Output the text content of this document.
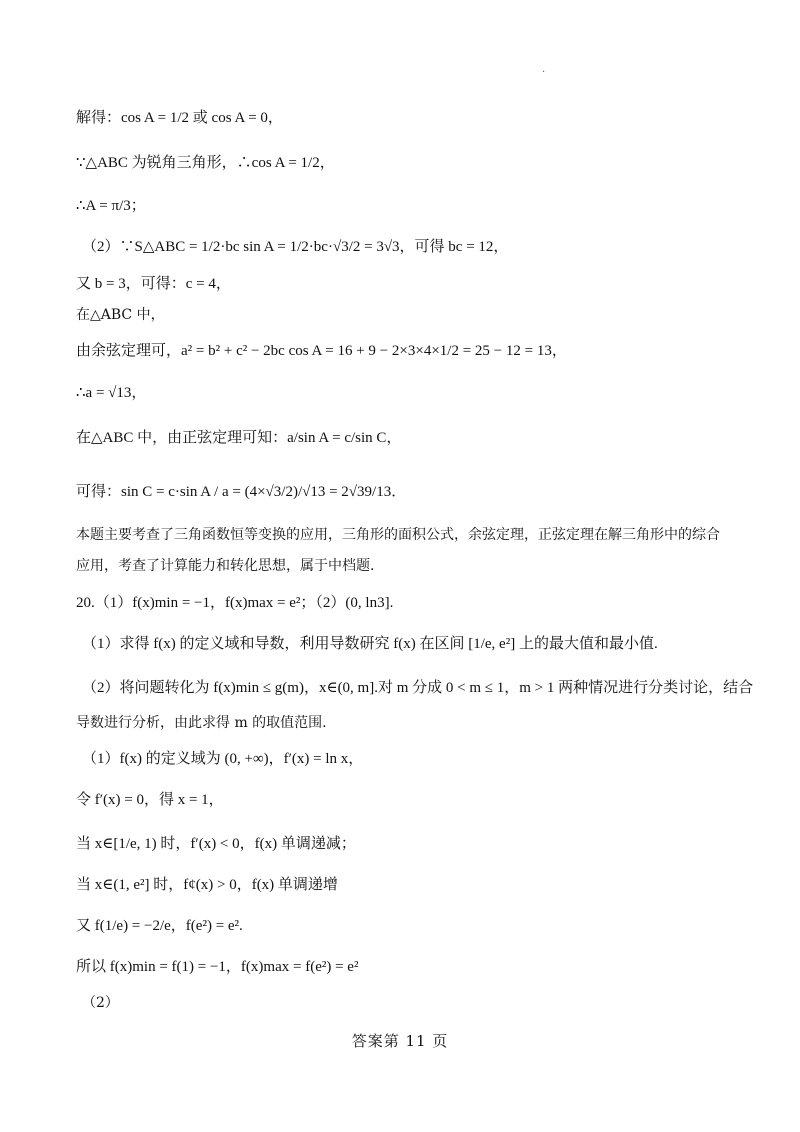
.
解得：cos A = 1/2 或 cos A = 0，
∵△ABC 为锐角三角形，∴cos A = 1/2，
∴A = π/3；
（2）∵S△ABC = 1/2·bc sin A = 1/2·bc·√3/2 = 3√3，可得 bc = 12，
又 b = 3，可得：c = 4，
在△ABC 中，
由余弦定理可，a² = b² + c² − 2bc cos A = 16 + 9 − 2×3×4×1/2 = 25 − 12 = 13，
∴a = √13，
在△ABC 中，由正弦定理可知：a/sin A = c/sin C，
可得：sin C = c·sin A / a = (4×√3/2)/√13 = 2√39/13．
本题主要考查了三角函数恒等变换的应用，三角形的面积公式，余弦定理，正弦定理在解三角形中的综合
应用，考查了计算能力和转化思想，属于中档题.
20.（1）f(x)min = −1，f(x)max = e²；（2）(0, ln3].
（1）求得 f(x) 的定义域和导数，利用导数研究 f(x) 在区间 [1/e, e²] 上的最大值和最小值.
（2）将问题转化为 f(x)min ≤ g(m)，x∈(0, m].对 m 分成 0 < m ≤ 1，m > 1 两种情况进行分类讨论，结合
导数进行分析，由此求得 m 的取值范围.
（1）f(x) 的定义域为 (0, +∞)，f′(x) = ln x，
令 f′(x) = 0，得 x = 1，
当 x∈[1/e, 1) 时，f′(x) < 0，f(x) 单调递减；
当 x∈(1, e²] 时，f¢(x) > 0，f(x) 单调递增
又 f(1/e) = −2/e，f(e²) = e².
所以 f(x)min = f(1) = −1，f(x)max = f(e²) = e²
（2）
答案第 11 页
